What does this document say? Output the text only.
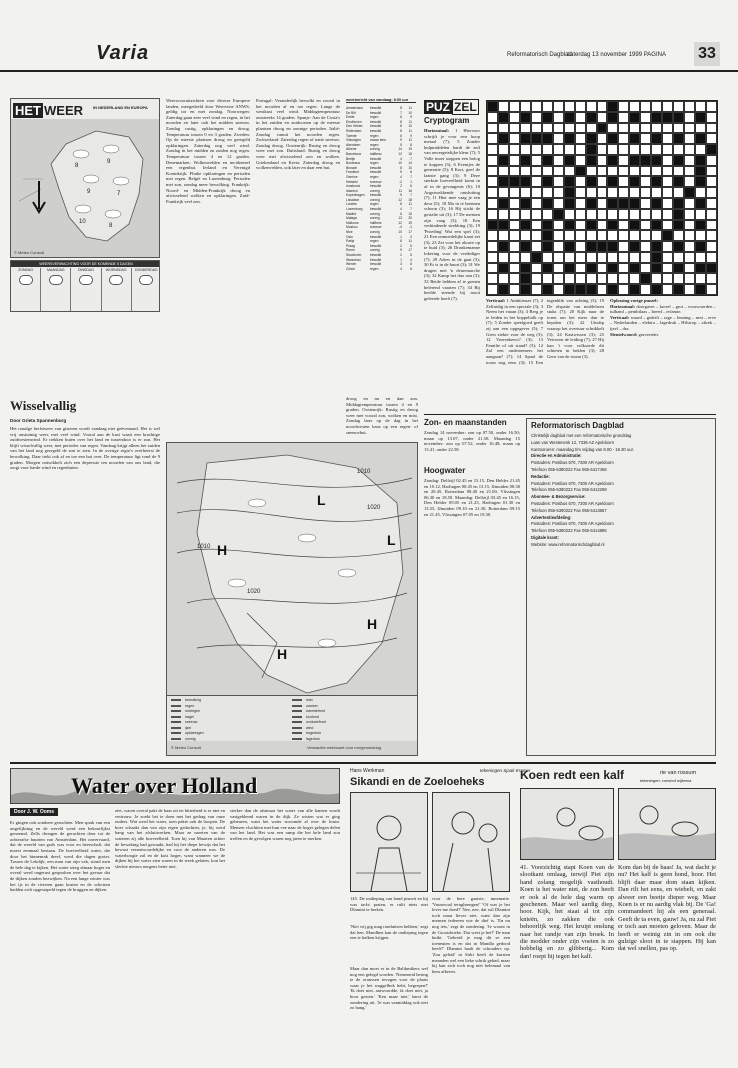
Varia	Reformatorisch Dagblad
zaterdag 13 november 1999 PAGINA 33
HET WEER	IN NEDERLAND EN EUROPA
8
9
9	7
10
8
© Meteo Consult
WEERSVERWACHTING VOOR DE KOMENDE 5 DAGEN
ZONDAG	MAANDAG	DINSDAG	WOENSDAG	DONDERDAG
Wisselvallig
Door Grieta Spannenburg
Het ronalge herfstweer van gisteren wordt vandaag niet geëvenaard. Het is wel vrij onstuimig weer, met veel wind. Vooral aan de kust waait een krachtige zuidwestenwind. Er trekken buien over het land en tussendoor is er zon. Het blijft wisselvallig weer, met periodes van regen. Vandaag krijgt alleen het zuiden van het land nog geregeld de zon te zien. In de overige regio's overheerst de bewolking. Daar trekt ook af en toe een bui over. De temperatuur ligt rond de 9 graden. Morgen ontwikkelt zich een depressie ten noorden van ons land, die zorgt voor harde wind en regenbuien.
Weersvooruitzichten voor diverse Europese landen, meegedeeld door Weervisie ANWS, geldig tot en met zondag. Noorwegen: Zaterdag gaan zeer veel wind en regen, in het noorden en later ook het midden sneeuw. Zondag rustig, opklaringen en droog. Temperatuur tussen 0 en 3 graden. Zweden: Op de meeste plaatsen droog en geregeld opklaringen. Zaterdag nog veel wind. Zondag in het midden en zuiden nog regen. Temperatuur tussen 4 en 12 graden. Denemarken: Wolkenvelden en incidenteel een regenbui. Ierland en Verenigd Koninkrijk: Flinke opklaringen en perioden met regen. België en Luxemburg: Perioden met zon, zondag meer bewolking. Frankrijk: Noord- en Midden-Frankrijk droog en afwisselend wolken en opklaringen. Zuid-Frankrijk veel zon.
Portugal: Veranderlijk bewolkt en vooral in het noorden af en toe regen. Lange de westkust veel wind. Middagtemperatuur omstreeks 14 graden. Spanje: Aan de Costa's in het zuiden en zuidoosten op de meeste plaatsen droog en zonnige perioden. Italië: Zondag vanuit het noorden regen. Zwitserland: Zaterdag regen of natte sneeuw. Zondag droog. Oostenrijk: Rustig en droog weer met zon. Duitsland: Rustig en droog weer met afwisselend zon en wolken. Griekenland en Kreta: Zaterdag droog en wolkenvelden, ook later en daar een bui.
weerbericht van vandaag: 8.00 uur
Amsterdam	bewolkt	8	11
De Bilt	bewolkt	7	10
Eelde	regen	6	9
Eindhoven	bewolkt	8	11
Den Helder	bewolkt	8	10
Rotterdam	bewolkt	8	11
Twente	regen	6	9
Vlissingen	zwaar bew.	9	11
Aberdeen	regen	5	8
Athene	zonnig	14	19
Barcelona	halfbew.	12	18
Berlijn	bewolkt	4	7
Bordeaux	regen	10	14
Brussel	bewolkt	8	10
Frankfurt	bewolkt	5	8
Genève	regen	4	7
Helsinki	sneeuw	-2	1
Innsbruck	bewolkt	2	6
Istanbul	zonnig	11	16
Kopenhagen	bewolkt	5	7
Lissabon	zonnig	12	18
Londen	regen	8	11
Luxemburg	bewolkt	4	7
Madrid	zonnig	6	15
Malaga	zonnig	13	20
Mallorca	halfbew.	12	19
Moskou	sneeuw	-4	-1
Nice	zonnig	10	17
Oslo	bewolkt	1	4
Parijs	regen	8	11
Praag	bewolkt	2	5
Rome	zonnig	9	17
Stockholm	bewolkt	2	5
Warschau	bewolkt	1	4
Wenen	bewolkt	3	6
Zürich	regen	4	6
droog en nu en dan zon. Middagtemperatuur tussen 4 en 9 graden. Oostenrijk: Rustig en droog weer met vooral zon, wolken en mist. Zondag later op de dag in het noordwesten kans op een regen- of sneeuwbui.
1010
1020
1010
1020
H
L
L
H
H
© Meteo Consult	Verwachte weerkaart voor morgenmiddag
bewolking	mist
regen	onweer
motregen	warmtefront
hagel	koufront
sneeuw	occlusiefront
ijzel	wind
opklaringen	hogedruk
zonnig	lagedruk
PUZ ZEL
Cryptogram
Horizontaal: 1 Hiervoor schrijft je voor een hoop metaal (7); 5 Zonder hulpmiddelen hardt de zeil van onvergetelijke kleur (7); 5 Valle moet stoppen een bolog te koppen (3); 6 Eventjes de generatie (5); 8 Kort, geef de laatste gang (3); 9 Deze sterkste hoeveelheid komt in af in de gevangenis (6); 10 Angstwekkende ontsluiting (7); 11 Hier mee vaag je een deur (5); 18 Ma in te brennen schoon (3); 16 Hij sticht de gestalte uit (3); 17 De mensen zijn vaag (3); 18 Een verbindende strekking (3); 19 'Proeding' Wat een spel (3); 21 Een onmoedelijke kaart eet (3); 23 Zet voor het alouve op te huid (3); 26 Dronkemanne lokering voor de verdediger (7); 29 Adres in de gaat (3); 30 Er is in de buurt (3); 31 We dragen met 'n deuremarche (3); 32 Kamp het duo aan (3); 33 Beide hebben af te grenen belerend vaarten (7); 34 Bij heelde strende hij nooit geleerde hoeft (7).	Verticaal: 1 Ambitieuze (7); 2 Zelfuidig in een speciale (3); 3 Neem het vaaan (3); 4 Berg je te leiden in het koppeltolk op (7); 5 Zonder speelgoed geeft zij aan een opgegever (5); 7 Geen ziekte voor de weg (3); 12 Voerenkeers? (3); 13 Familie of uit stand? (3); 12 Zal een ondernemers het aangaan? (7); 14 Spaal de toorn nog eens (3); 15 Een tegenblik van achting (3); 19 De olspatie van middelrom stuks (7); 20 Kijk naar de toren om het meer dan te bepalen (3); 22 Uitsdip waarop het overtuur schrikkelt (3); 24 Kastwissen (3); 25 Vertaven de leiding (7); 27 Hij kan 't voor volksorde dit schieten in beklen (3); 28 Geur van de storm (3).
Oplossing vorige puzzel:
Horizontaal: doorgaver – korrel – grot – voorwoorden – tulband – penibilaas – breed – erfamie.
Verticaal: waard – gedrift – rage – leuning – nest – erve – Nederlanden – elektra – lagedruk – Hilstrop – aftrek – ijzel – dor.
Sleutelwoord: graveerder.
Zon- en maanstanden
Zondag 14 november: zon op 07.50, onder 16.50; maan op 13.07, onder 21.58. Maandag 15 november: zon op 07.52, onder 16.48; maan op 13.41, onder 22.58.
Hoogwater
Zondag: Delfzijl 02.45 en 15.15, Den Helder 21.45 en 10.12, Harlingen 00.45 en 13.15, IJmuiden 08.30 en 20.45, Rotterdam 08.40 en 21.00, Vlissingen 06.30 en 18.50. Maandag: Delfzijl 03.45 en 16.15, Den Helder 09.05 en 21.25, Harlingen 01.30 en 13.55, IJmuiden 09.10 en 21.30, Rotterdam 09.15 en 21.45, Vlissingen 07.05 en 19.30.
Reformatorisch Dagblad
Christelijk dagblad met een reformatorische grondslag
Laan van Westenenk 12, 7336 AZ Apeldoorn
Kantooruren: maandag t/m vrijdag van 8.00 - 16.30 uur.
Directie en Administratie:
Postadres: Postbus 670, 7300 AR Apeldoorn
Telefoon 055-5390222 Fax 055-5417456
Redactie:
Postadres: Postbus 670, 7300 AR Apeldoorn
Telefoon 055-5390222 Fax 055-5412288
Abonnee- & Bezorgservice:
Postadres: Postbus 670, 7300 AR Apeldoorn
Telefoon 055-5390222 Fax 055-5413867
Advertentieafdeling:
Postadres: Postbus 670, 7300 AR Apeldoorn
Telefoon 055-5390222 Fax 055-5414885
Digitale krant:
Website: www.reformatorischdagblad.nl
Water over Holland
Door J. W. Ooms
Er gingen ook sombere geruchten. Men sprak van een ongelijksing en de wereld werd een bekoorlijkst genoemd. Zelfs drongen de geruchten door tot de achterafse buurten van Amsterdam. Het onvervaard, dat de wereld van gods was voor en heerschaft, dat moest eenmaal bestaan. De hoeveelheid water, die door het binnenrak dreef, werd die dagen groter. Tussen de Lekdijk, een man van zijn vak, stond men de hele dag te kijken. Het water steeg almaar hoger en overal werd ongerust gesproken over het gevaar dat de dijken zouden bezwijken. Na een lange winter was het ijs in de rivieren gaan kruien en de schotsen hadden zich opgestapeld tegen de bruggen en dijken.
ziet, waren overal pakt de baas uit en bitterheid is er niet en vertrouw. Je zoekt het te doen met het gedrag van onze ouders. Wat werd het water, toen pakte ook de hoopen. De boer schaakt dan van zijn eigen gedachten, je, hij werd bang van het afsluitwerken. Maar ze moeten van de wateren zij alle hoeveelheid. Toen hij van Maarten achter de bewaking had gewaakt, had hij het diepe bewijs dat het bewust verantwoordelijke en voor de anderen was. De waterhoogte zal en de kust hoger, want wanneer we de dijken bij het water zien waren in de steek gelaten, kon het slechte nieuws nergens beter niet.
sterker dan de alstmaar het water van alle kanten wordt vastgeklemd waren in de dijk. Ze wisten wat er ging gebeuren, want het water stroomde al over de kruin. Mensen vluchtten met hun vee naar de hoger gelegen delen van het land. Het was een ramp die het hele land zou treffen en de gevolgen waren nog jaren te merken.
Hans Werkman	tekeningen Sjaak Kramer
Sikandi en de Zoeloeheks
145. De ondieping van band pisneit en hij was tacht praten, er rulti niets niet Dlamini te herken.
'Niet wij gig mag ronduitsen hebben,' zegt dat hen. Mandhen kan de ondieping tegen een te halken krijgen.
Maar dan moet er in de Balikmikers wel nog een gelegd worden. 'Nemeneid bering ie de oranssen tovogen voor de plaats waar je het waggelhok hebt, begrepen?' 'Ik doet niet, antwoordde, ik doet niet, ja hoor gezien.' 'Ken maar niet,' barst de zondering uit. 'Je was vanmiddag ook niet zo bang.'
voor de bere gaatsie, mnematie. 'Vasnovoal terugbrengen!' 'Of was je het lever me doed?' Nee, nee, dat wil Dlamini toch maar liever niet, want dan zijn mensen iedereen wie de dief is. 'En nu nog iets,' zegt de zondering. 'Je woont in de Grootshoeke. Dat weet je het?' De man knikt. 'Gebreid je mag dit se een toeneuten is en dat in Mandla gedood heeft?' Dlamini haalt de schouders op. 'Zou geleid' in Sirki heeft de kursten meanden wel een lieke schrik gehad, maar hij kan zich toch nog niet helemaal van hem afkeren.
Koen redt een kalf	rie van rossum
tekeningen: coeshof wijkema
41. Voorzichtig stapt Koen van de slootkant omlaag, terwijl Piet zijn hand zolang mogelijk vasthoudt. Koen is het water niet, de zon heeft er ook al de hele dag warm op geschenen. Maar wel aardig diep, hoor. Kijk, het staat al tot zijn knieën, zo zakken die ook behoorlijk weg. Het kruipt onslung naar het randje van zijn broek. In die modder onder zijn voeten is zo hobbelig en zo glibberig... Kom dan! roept hij tegen het kalf.
Kom dan bij de baas! Ja, wat dacht je nu? Het kalf is geen hond, hoor. Het blijft daar maar dom staan kijken. Dan rilt het eens, en wiebelt, en zakt alweer een beetje dieper weg. Maar Koen is er nu aardig vlak bij. De 'Ga! commandeert hij als een generaal. Geeft de ta even, gauw! Ja, nu zal Piet er toch aan moeten geloven. Maar de heeft er weinig zin in om ook die gulzige sloot in te stappen. Hij kan dat wel snellen, pas op.
